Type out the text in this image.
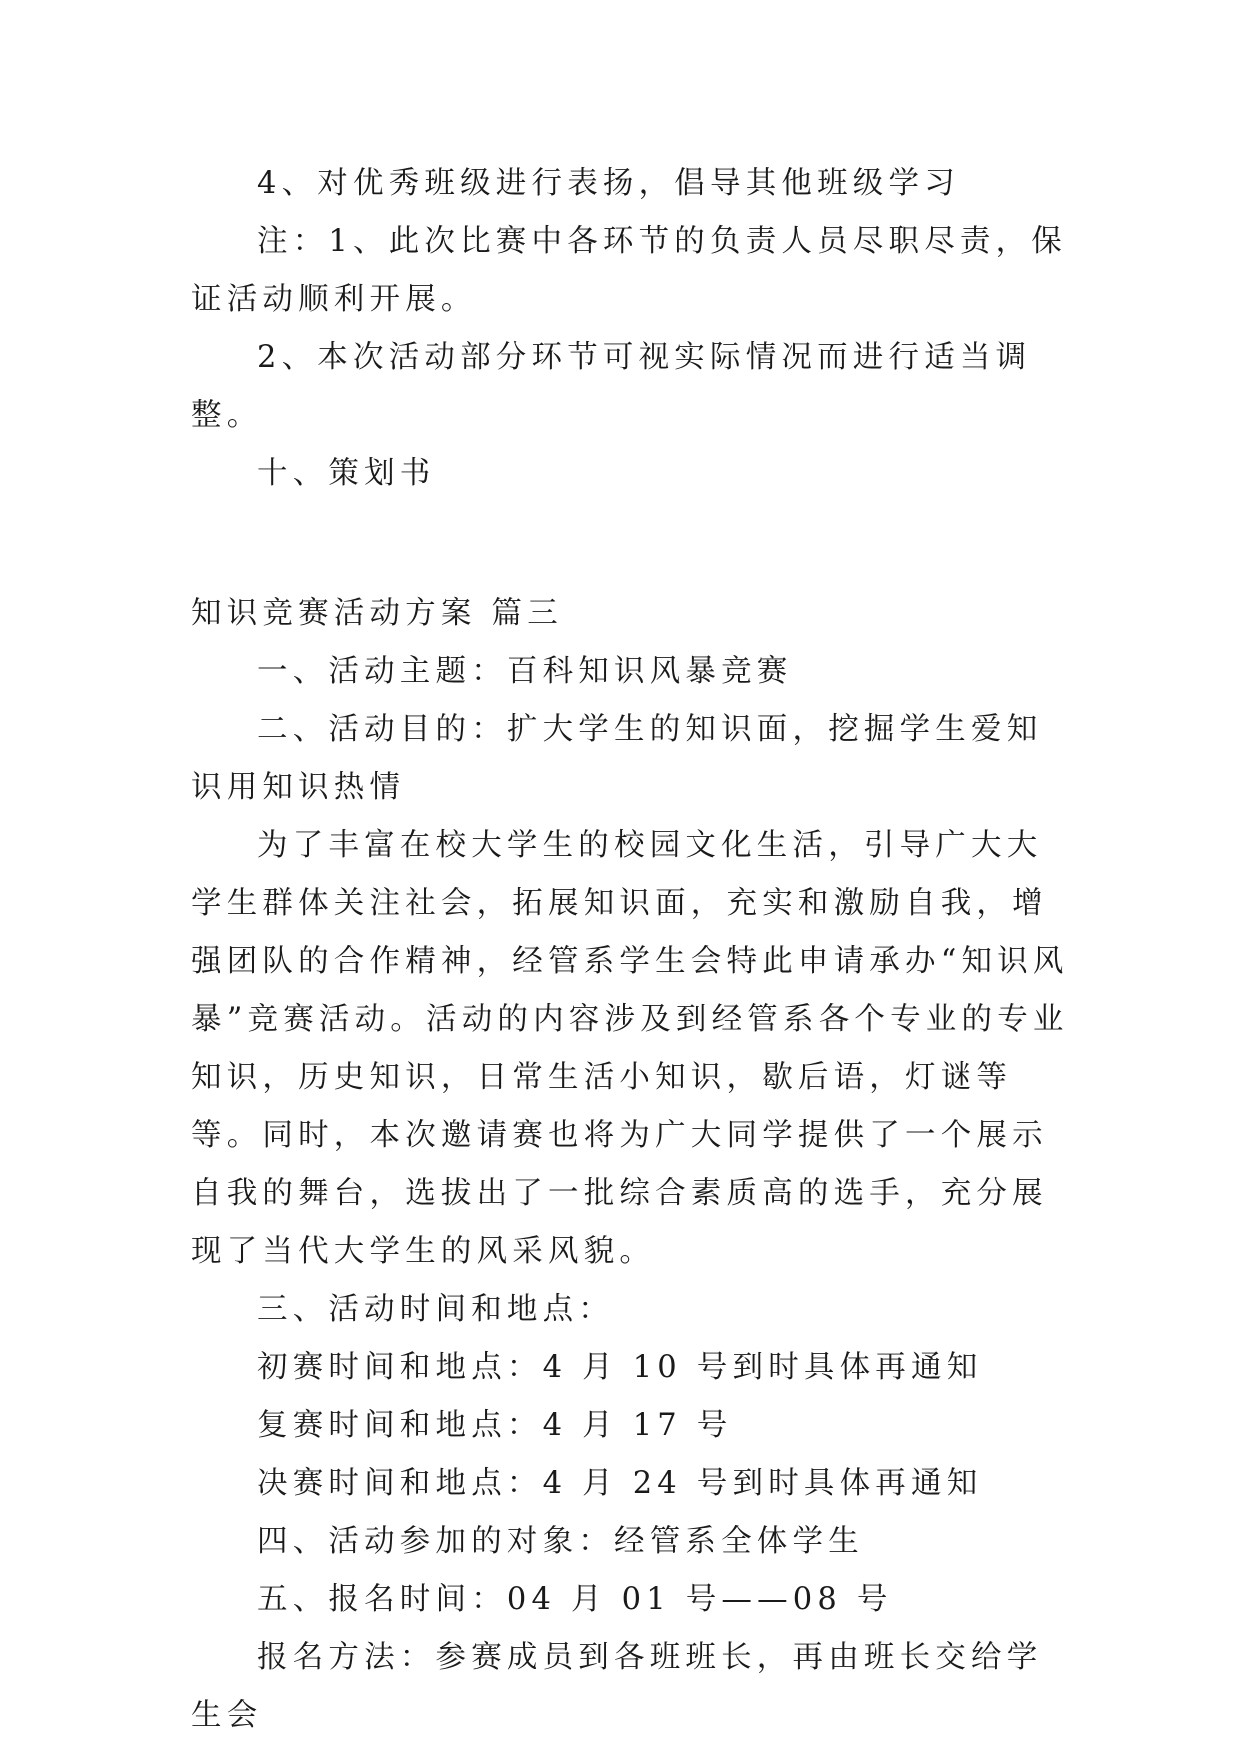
4、对优秀班级进行表扬，倡导其他班级学习

注：1、此次比赛中各环节的负责人员尽职尽责，保证活动顺利开展。

2、本次活动部分环节可视实际情况而进行适当调整。

十、策划书

知识竞赛活动方案 篇三

一、活动主题：百科知识风暴竞赛

二、活动目的：扩大学生的知识面，挖掘学生爱知识用知识热情

为了丰富在校大学生的校园文化生活，引导广大大学生群体关注社会，拓展知识面，充实和激励自我，增强团队的合作精神，经管系学生会特此申请承办“知识风暴”竞赛活动。活动的内容涉及到经管系各个专业的专业知识，历史知识，日常生活小知识，歇后语，灯谜等等。同时，本次邀请赛也将为广大同学提供了一个展示自我的舞台，选拔出了一批综合素质高的选手，充分展现了当代大学生的风采风貌。

三、活动时间和地点：

初赛时间和地点：4 月 10 号到时具体再通知

复赛时间和地点：4 月 17 号

决赛时间和地点：4 月 24 号到时具体再通知

四、活动参加的对象：经管系全体学生

五、报名时间：04 月 01 号——08 号

报名方法：参赛成员到各班班长，再由班长交给学生会
